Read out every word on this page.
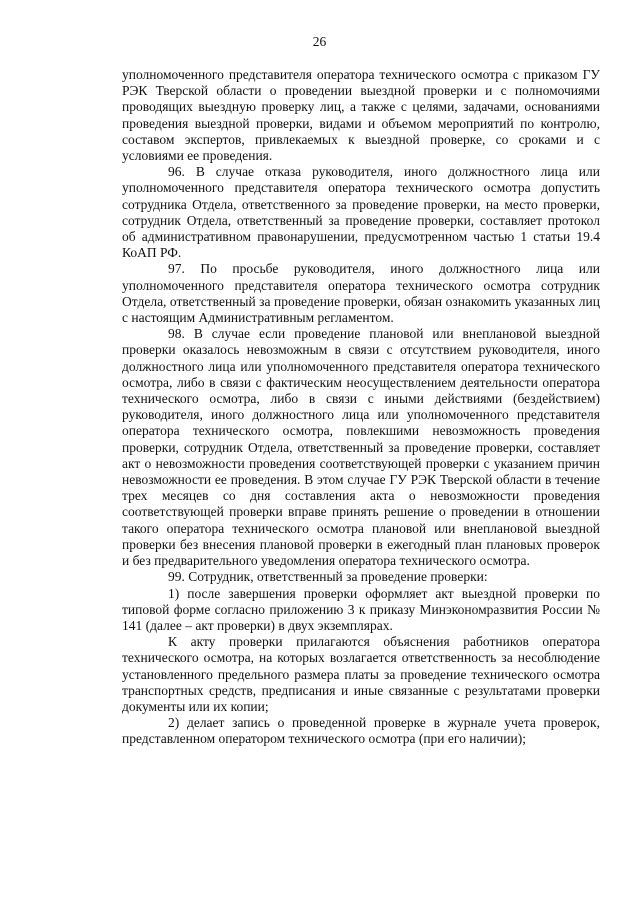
26

уполномоченного представителя оператора технического осмотра с приказом ГУ РЭК Тверской области о проведении выездной проверки и с полномочиями проводящих выездную проверку лиц, а также с целями, задачами, основаниями проведения выездной проверки, видами и объемом мероприятий по контролю, составом экспертов, привлекаемых к выездной проверке, со сроками и с условиями ее проведения.

96. В случае отказа руководителя, иного должностного лица или уполномоченного представителя оператора технического осмотра допустить сотрудника Отдела, ответственного за проведение проверки, на место проверки, сотрудник Отдела, ответственный за проведение проверки, составляет протокол об административном правонарушении, предусмотренном частью 1 статьи 19.4 КоАП РФ.

97. По просьбе руководителя, иного должностного лица или уполномоченного представителя оператора технического осмотра сотрудник Отдела, ответственный за проведение проверки, обязан ознакомить указанных лиц с настоящим Административным регламентом.

98. В случае если проведение плановой или внеплановой выездной проверки оказалось невозможным в связи с отсутствием руководителя, иного должностного лица или уполномоченного представителя оператора технического осмотра, либо в связи с фактическим неосуществлением деятельности оператора технического осмотра, либо в связи с иными действиями (бездействием) руководителя, иного должностного лица или уполномоченного представителя оператора технического осмотра, повлекшими невозможность проведения проверки, сотрудник Отдела, ответственный за проведение проверки, составляет акт о невозможности проведения соответствующей проверки с указанием причин невозможности ее проведения. В этом случае ГУ РЭК Тверской области в течение трех месяцев со дня составления акта о невозможности проведения соответствующей проверки вправе принять решение о проведении в отношении такого оператора технического осмотра плановой или внеплановой выездной проверки без внесения плановой проверки в ежегодный план плановых проверок и без предварительного уведомления оператора технического осмотра.

99. Сотрудник, ответственный за проведение проверки:

1) после завершения проверки оформляет акт выездной проверки по типовой форме согласно приложению 3 к приказу Минэкономразвития России № 141 (далее – акт проверки) в двух экземплярах.

К акту проверки прилагаются объяснения работников оператора технического осмотра, на которых возлагается ответственность за несоблюдение установленного предельного размера платы за проведение технического осмотра транспортных средств, предписания и иные связанные с результатами проверки документы или их копии;

2) делает запись о проведенной проверке в журнале учета проверок, представленном оператором технического осмотра (при его наличии);
